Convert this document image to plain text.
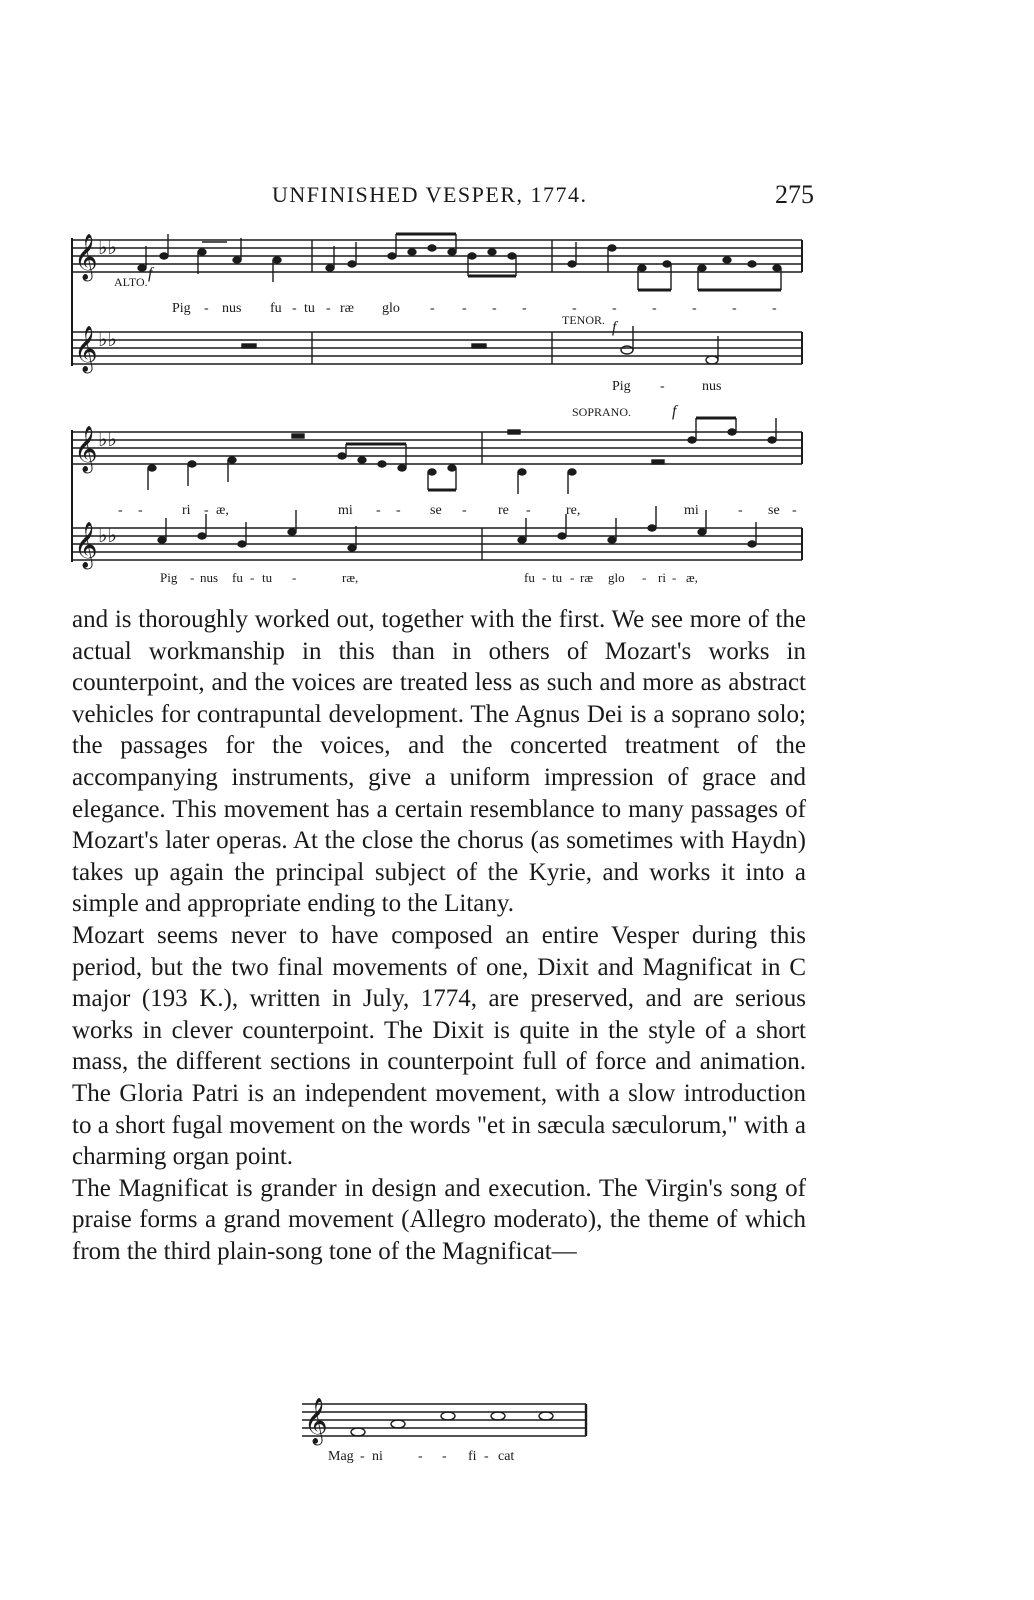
UNFINISHED VESPER, 1774.	275
𝄞 ♭♭
𝄞 ♭♭
ALTO. f
TENOR. f
Pig - nus fu - tu - ræ glo - - - -	-	-	-	-	-	-
Pig -	nus
𝄞 ♭♭
𝄞 ♭♭
SOPRANO.	f
- -	ri - æ,	mi - - se - re -	re,	mi	- se -
Pig - nus fu - tu -	ræ,	fu - tu - ræ glo - ri - æ,

and is thoroughly worked out, together with the first. We see more of the actual workmanship in this than in others of Mozart's works in counterpoint, and the voices are treated less as such and more as abstract vehicles for contrapuntal development. The Agnus Dei is a soprano solo; the passages for the voices, and the concerted treatment of the accompanying instruments, give a uniform impression of grace and elegance. This movement has a certain resemblance to many passages of Mozart's later operas. At the close the chorus (as sometimes with Haydn) takes up again the principal subject of the Kyrie, and works it into a simple and appropriate ending to the Litany.

Mozart seems never to have composed an entire Vesper during this period, but the two final movements of one, Dixit and Magnificat in C major (193 K.), written in July, 1774, are preserved, and are serious works in clever counterpoint. The Dixit is quite in the style of a short mass, the different sections in counterpoint full of force and animation. The Gloria Patri is an independent movement, with a slow introduction to a short fugal movement on the words "et in sæcula sæculorum," with a charming organ point.

The Magnificat is grander in design and execution. The Virgin's song of praise forms a grand movement (Allegro moderato), the theme of which from the third plain-song tone of the Magnificat—

𝄞
Mag - ni	- - fi - cat
